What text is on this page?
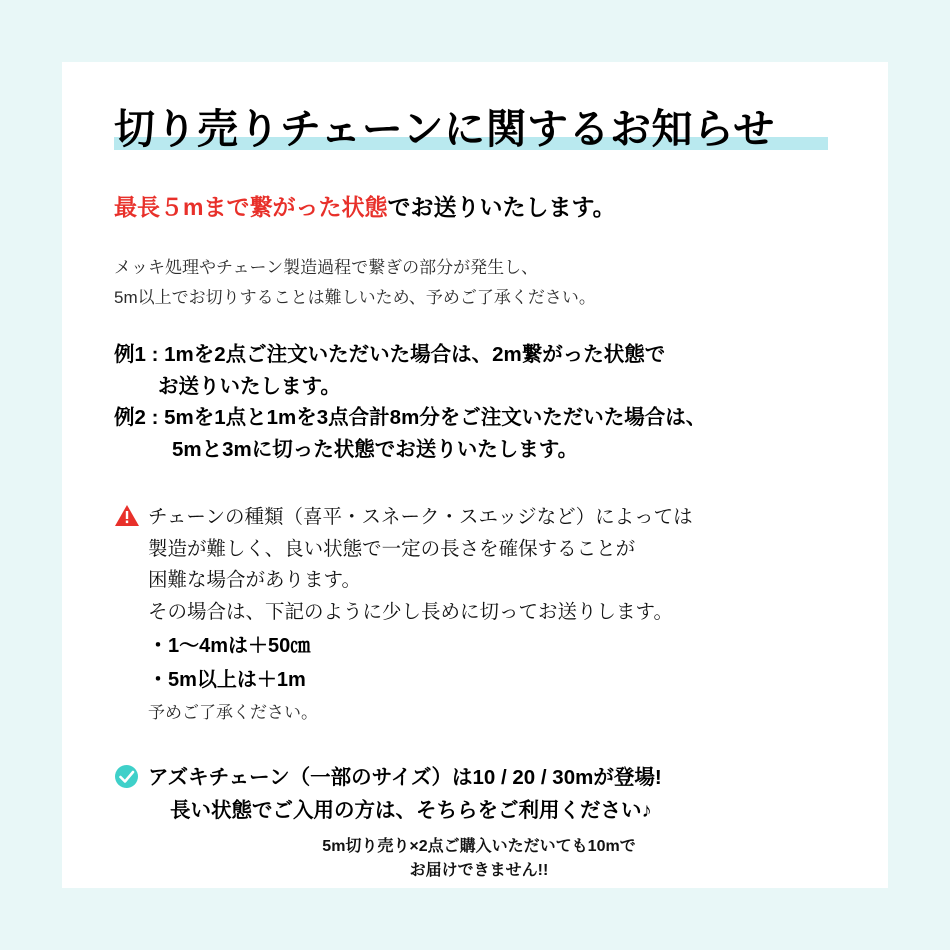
切り売りチェーンに関するお知らせ
最長５mまで繋がった状態でお送りいたします。
メッキ処理やチェーン製造過程で繋ぎの部分が発生し、
5m以上でお切りすることは難しいため、予めご了承ください。
例1 : 1mを2点ご注文いただいた場合は、2m繋がった状態で
お送りいたします。
例2 : 5mを1点と1mを3点合計8m分をご注文いただいた場合は、
5mと3mに切った状態でお送りいたします。
チェーンの種類（喜平・スネーク・スエッジなど）によっては
製造が難しく、良い状態で一定の長さを確保することが
困難な場合があります。
その場合は、下記のように少し長めに切ってお送りします。
・1〜4mは＋50㎝
・5m以上は＋1m
予めご了承ください。
アズキチェーン（一部のサイズ）は10 / 20 / 30mが登場!
長い状態でご入用の方は、そちらをご利用ください♪
5m切り売り×2点ご購入いただいても10mで
お届けできません!!
